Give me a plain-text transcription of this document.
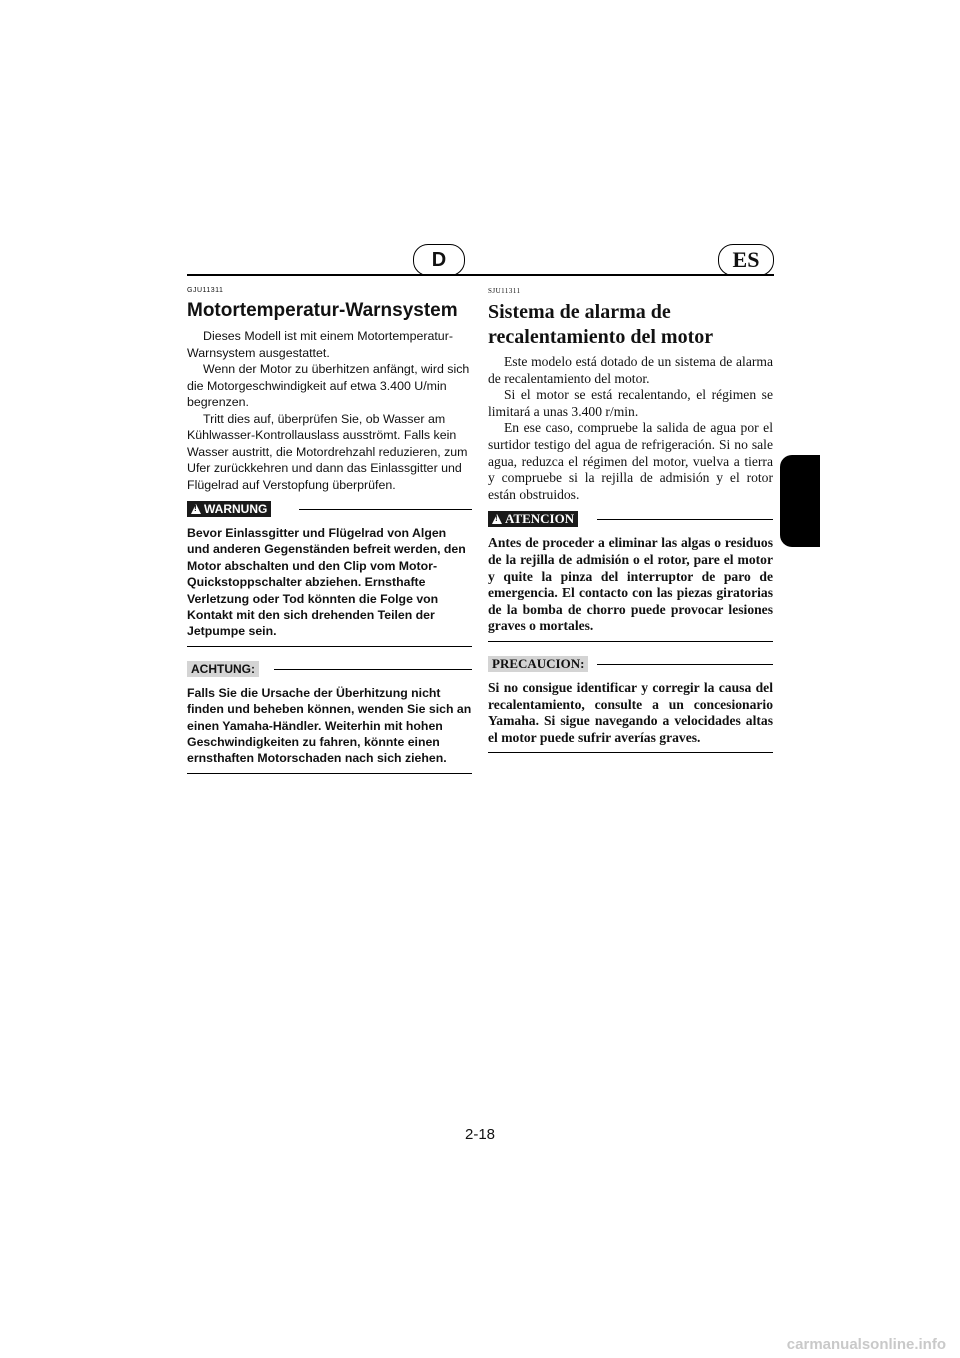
D	ES
GJU11311
Motortemperatur-Warnsystem

Dieses Modell ist mit einem Motortemperatur-Warnsystem ausgestattet.

Wenn der Motor zu überhitzen anfängt, wird sich die Motorgeschwindigkeit auf etwa 3.400 U/min begrenzen.

Tritt dies auf, überprüfen Sie, ob Wasser am Kühlwasser-Kontrollauslass ausströmt. Falls kein Wasser austritt, die Motordrehzahl reduzieren, zum Ufer zurückkehren und dann das Einlassgitter und Flügelrad auf Verstopfung überprüfen.

!WARNUNG

Bevor Einlassgitter und Flügelrad von Algen und anderen Gegenständen befreit werden, den Motor abschalten und den Clip vom Motor-Quickstoppschalter abziehen. Ernsthafte Verletzung oder Tod könnten die Folge von Kontakt mit den sich drehenden Teilen der Jetpumpe sein.

ACHTUNG:

Falls Sie die Ursache der Überhitzung nicht finden und beheben können, wenden Sie sich an einen Yamaha-Händler. Weiterhin mit hohen Geschwindigkeiten zu fahren, könnte einen ernsthaften Motorschaden nach sich ziehen.

SJU11311
Sistema de alarma de
recalentamiento del motor

Este modelo está dotado de un sistema de alarma de recalentamiento del motor.

Si el motor se está recalentando, el régimen se limitará a unas 3.400 r/min.

En ese caso, compruebe la salida de agua por el surtidor testigo del agua de refrigeración. Si no sale agua, reduzca el régimen del motor, vuelva a tierra y compruebe si la rejilla de admisión y el rotor están obstruidos.

!ATENCION

Antes de proceder a eliminar las algas o residuos de la rejilla de admisión o el rotor, pare el motor y quite la pinza del interruptor de paro de emergencia. El contacto con las piezas giratorias de la bomba de chorro puede provocar lesiones graves o mortales.

PRECAUCION:

Si no consigue identificar y corregir la causa del recalentamiento, consulte a un concesionario Yamaha. Si sigue navegando a velocidades altas el motor puede sufrir averías graves.

2-18
carmanualsonline.info
